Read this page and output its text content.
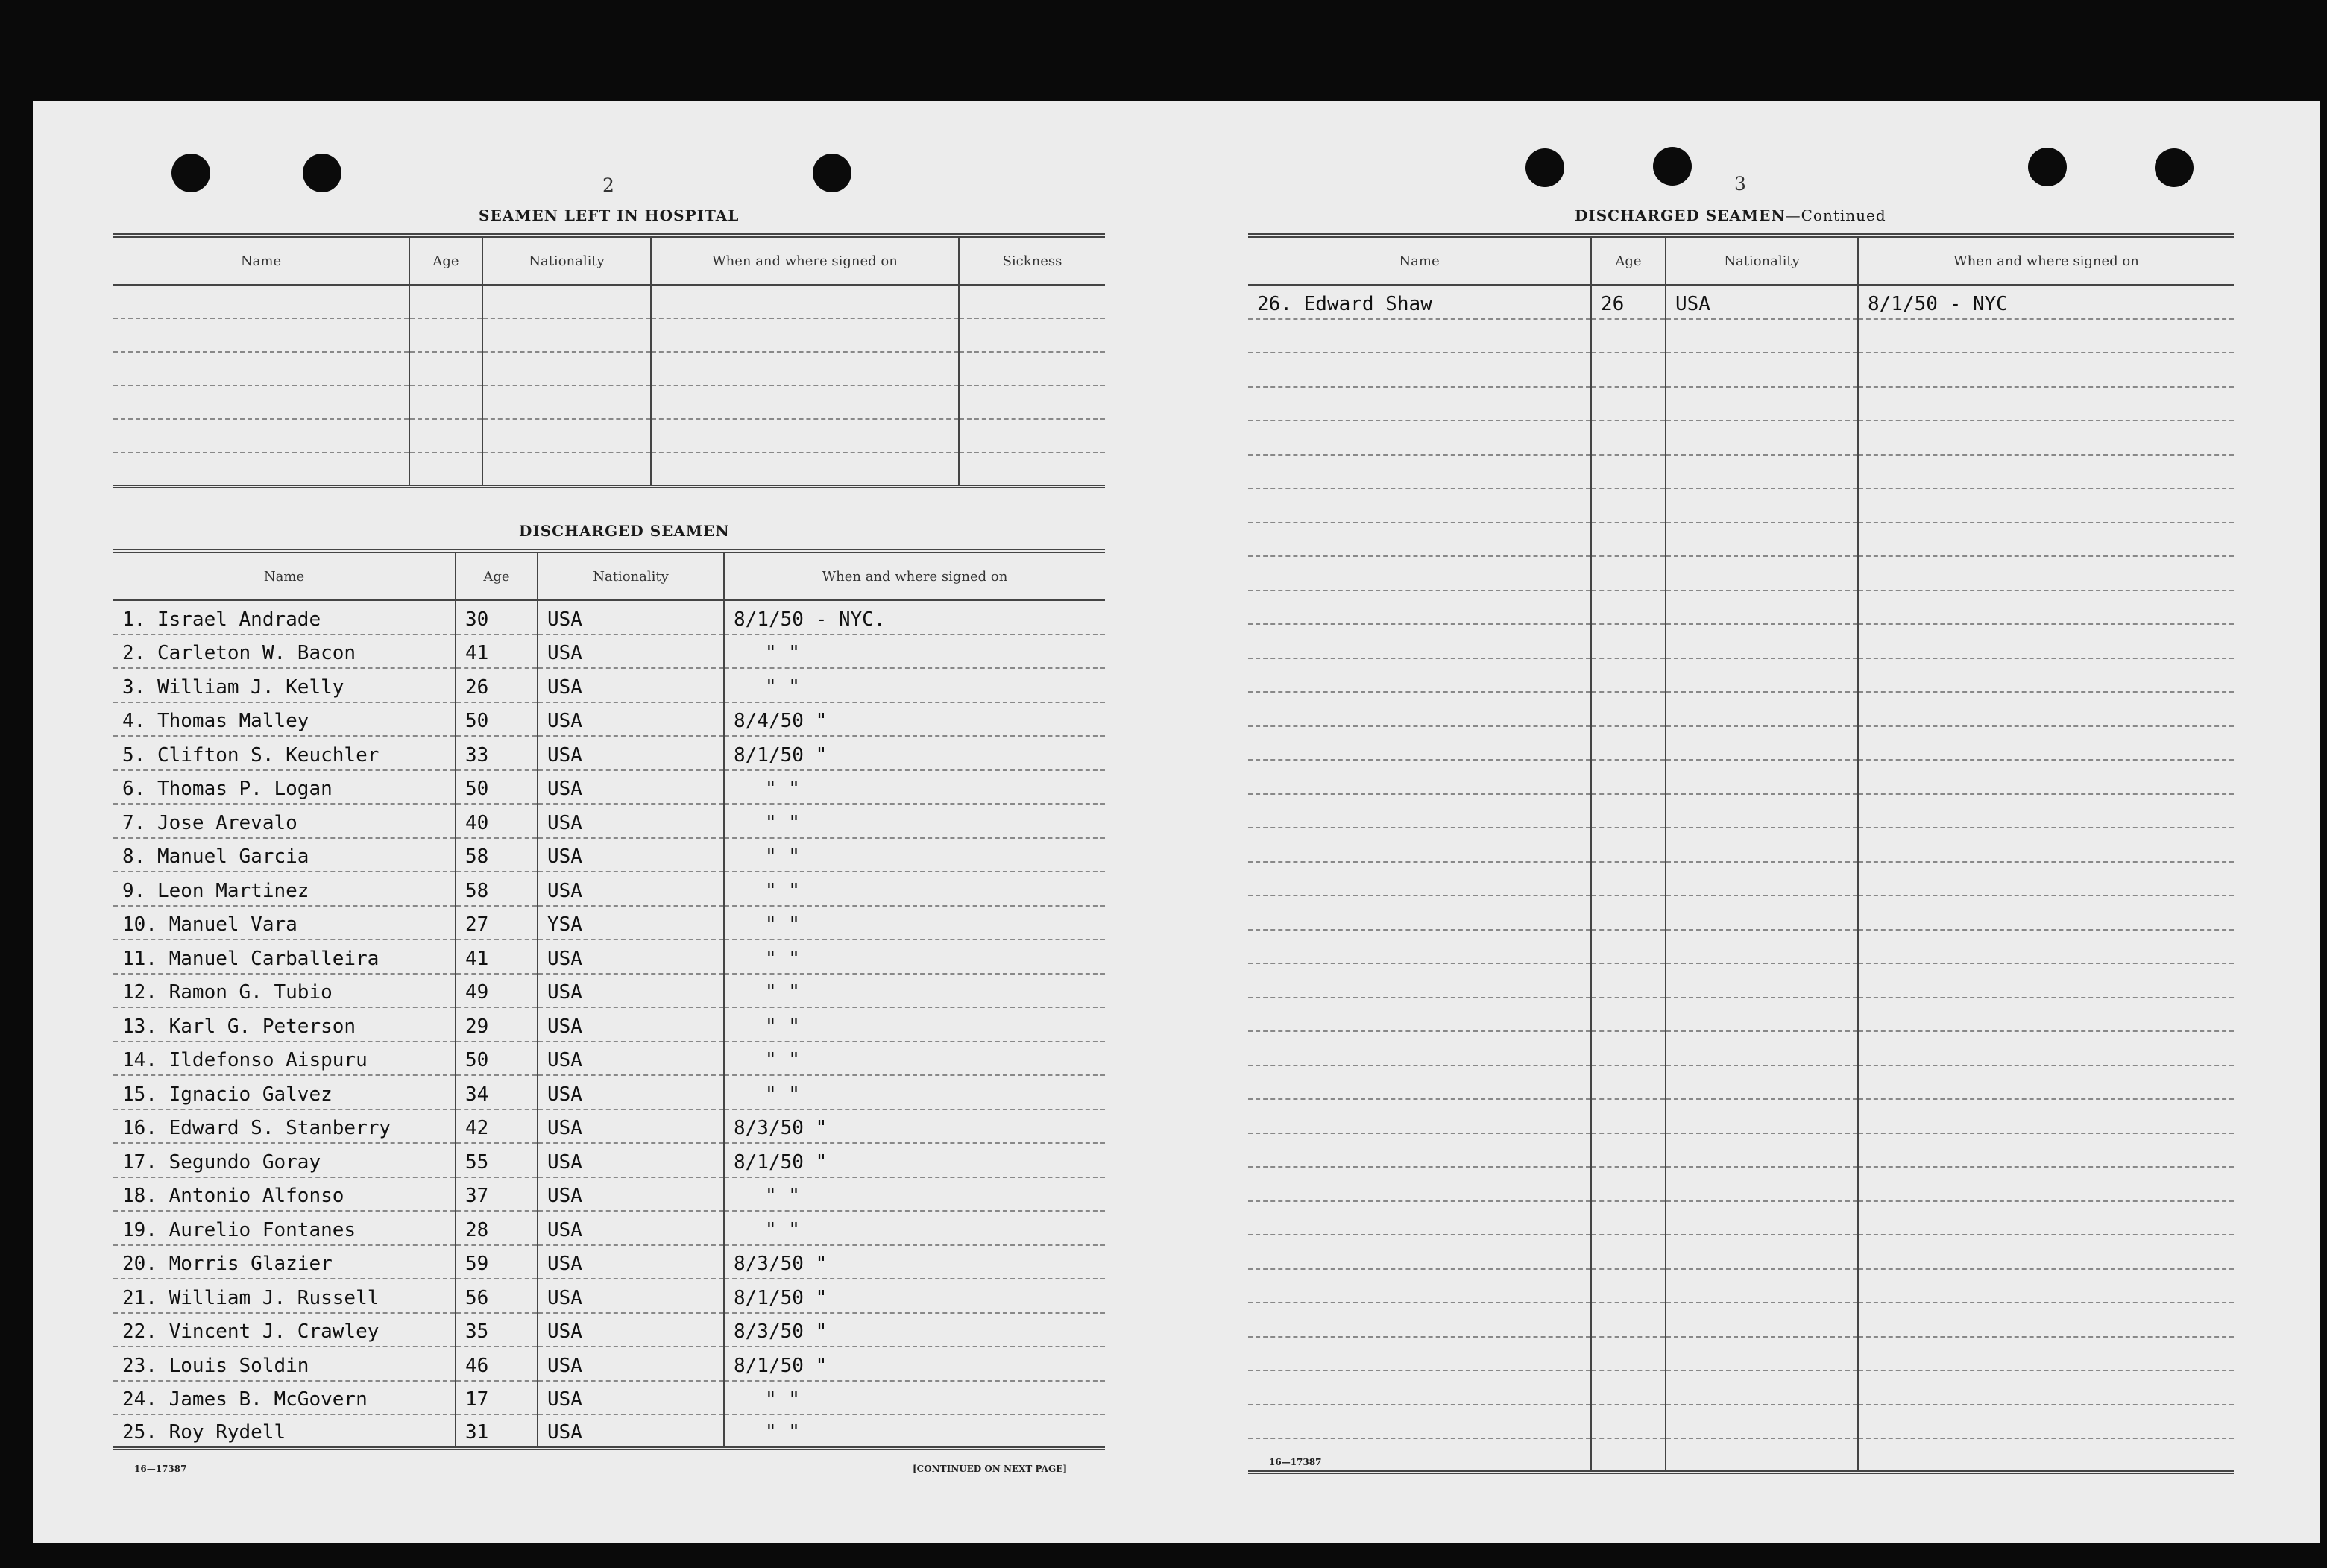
2
SEAMEN LEFT IN HOSPITAL
Name	Age	Nationality	When and where signed on	Sickness

DISCHARGED SEAMEN
Name	Age	Nationality	When and where signed on
1. Israel Andrade	30	USA	8/1/50 - NYC.
2. Carleton W. Bacon	41	USA	" "
3. William J. Kelly	26	USA	" "
4. Thomas Malley	50	USA	8/4/50 "
5. Clifton S. Keuchler	33	USA	8/1/50 "
6. Thomas P. Logan	50	USA	" "
7. Jose Arevalo	40	USA	" "
8. Manuel Garcia	58	USA	" "
9. Leon Martinez	58	USA	" "
10. Manuel Vara	27	YSA	" "
11. Manuel Carballeira	41	USA	" "
12. Ramon G. Tubio	49	USA	" "
13. Karl G. Peterson	29	USA	" "
14. Ildefonso Aispuru	50	USA	" "
15. Ignacio Galvez	34	USA	" "
16. Edward S. Stanberry	42	USA	8/3/50 "
17. Segundo Goray	55	USA	8/1/50 "
18. Antonio Alfonso	37	USA	" "
19. Aurelio Fontanes	28	USA	" "
20. Morris Glazier	59	USA	8/3/50 "
21. William J. Russell	56	USA	8/1/50 "
22. Vincent J. Crawley	35	USA	8/3/50 "
23. Louis Soldin	46	USA	8/1/50 "
24. James B. McGovern	17	USA	" "
25. Roy Rydell	31	USA	" "
16—17387	[CONTINUED ON NEXT PAGE]
3
DISCHARGED SEAMEN—Continued
Name	Age	Nationality	When and where signed on
26. Edward Shaw	26	USA	8/1/50 - NYC

16—17387
